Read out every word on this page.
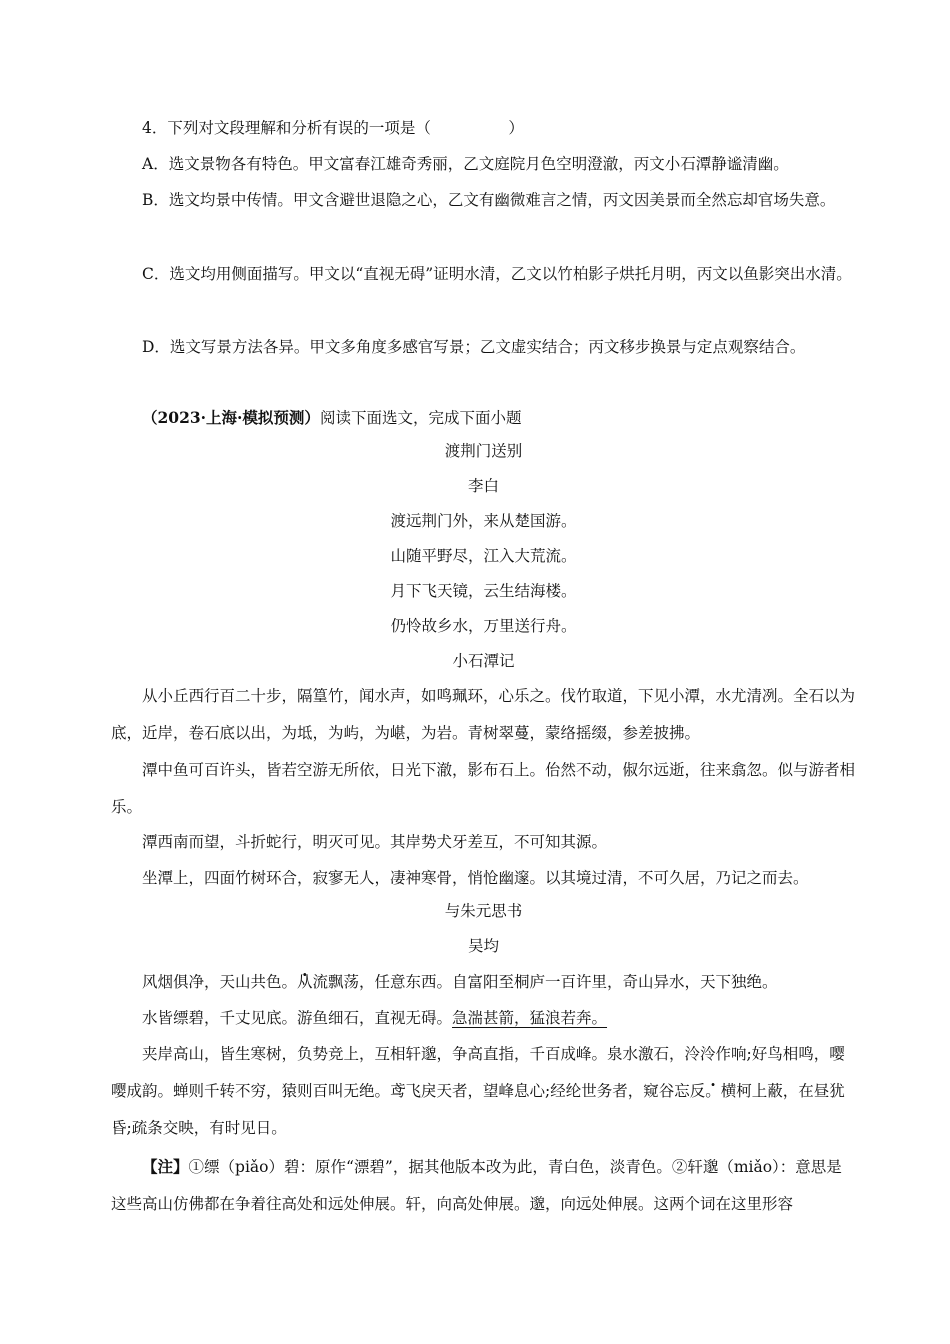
4．下列对文段理解和分析有误的一项是（　　　　　）

A．选文景物各有特色。甲文富春江雄奇秀丽，乙文庭院月色空明澄澈，丙文小石潭静谧清幽。

B．选文均景中传情。甲文含避世退隐之心，乙文有幽微难言之情，丙文因美景而全然忘却官场失意。

C．选文均用侧面描写。甲文以“直视无碍”证明水清，乙文以竹柏影子烘托月明，丙文以鱼影突出水清。

D．选文写景方法各异。甲文多角度多感官写景；乙文虚实结合；丙文移步换景与定点观察结合。

（2023·上海·模拟预测）阅读下面选文，完成下面小题

渡荆门送别

李白

渡远荆门外，来从楚国游。

山随平野尽，江入大荒流。

月下飞天镜，云生结海楼。

仍怜故乡水，万里送行舟。

小石潭记

从小丘西行百二十步，隔篁竹，闻水声，如鸣珮环，心乐之。伐竹取道，下见小潭，水尤清冽。全石以为底，近岸，卷石底以出，为坻，为屿，为嵁，为岩。青树翠蔓，蒙络摇缀，参差披拂。

潭中鱼可百许头，皆若空游无所依，日光下澈，影布石上。佁然不动，俶尔远逝，往来翕忽。似与游者相乐。

潭西南而望，斗折蛇行，明灭可见。其岸势犬牙差互，不可知其源。

坐潭上，四面竹树环合，寂寥无人，凄神寒骨，悄怆幽邃。以其境过清，不可久居，乃记之而去。

与朱元思书

吴均

风烟俱净，天山共色。从流飘荡，任意东西。自富阳至桐庐一百许里，奇山异水，天下独绝。

水皆缥碧，千丈见底。游鱼细石，直视无碍。急湍甚箭，猛浪若奔。

夹岸高山，皆生寒树，负势竞上，互相轩邈，争高直指，千百成峰。泉水激石，泠泠作响;好鸟相鸣，嘤嘤成韵。蝉则千转不穷，猿则百叫无绝。鸢飞戾天者，望峰息心;经纶世务者，窥谷忘反。横柯上蔽，在昼犹昏;疏条交映，有时见日。

【注】①缥（piǎo）碧：原作“漂碧”，据其他版本改为此，青白色，淡青色。②轩邈（miǎo）：意思是这些高山仿佛都在争着往高处和远处伸展。轩，向高处伸展。邈，向远处伸展。这两个词在这里形容
